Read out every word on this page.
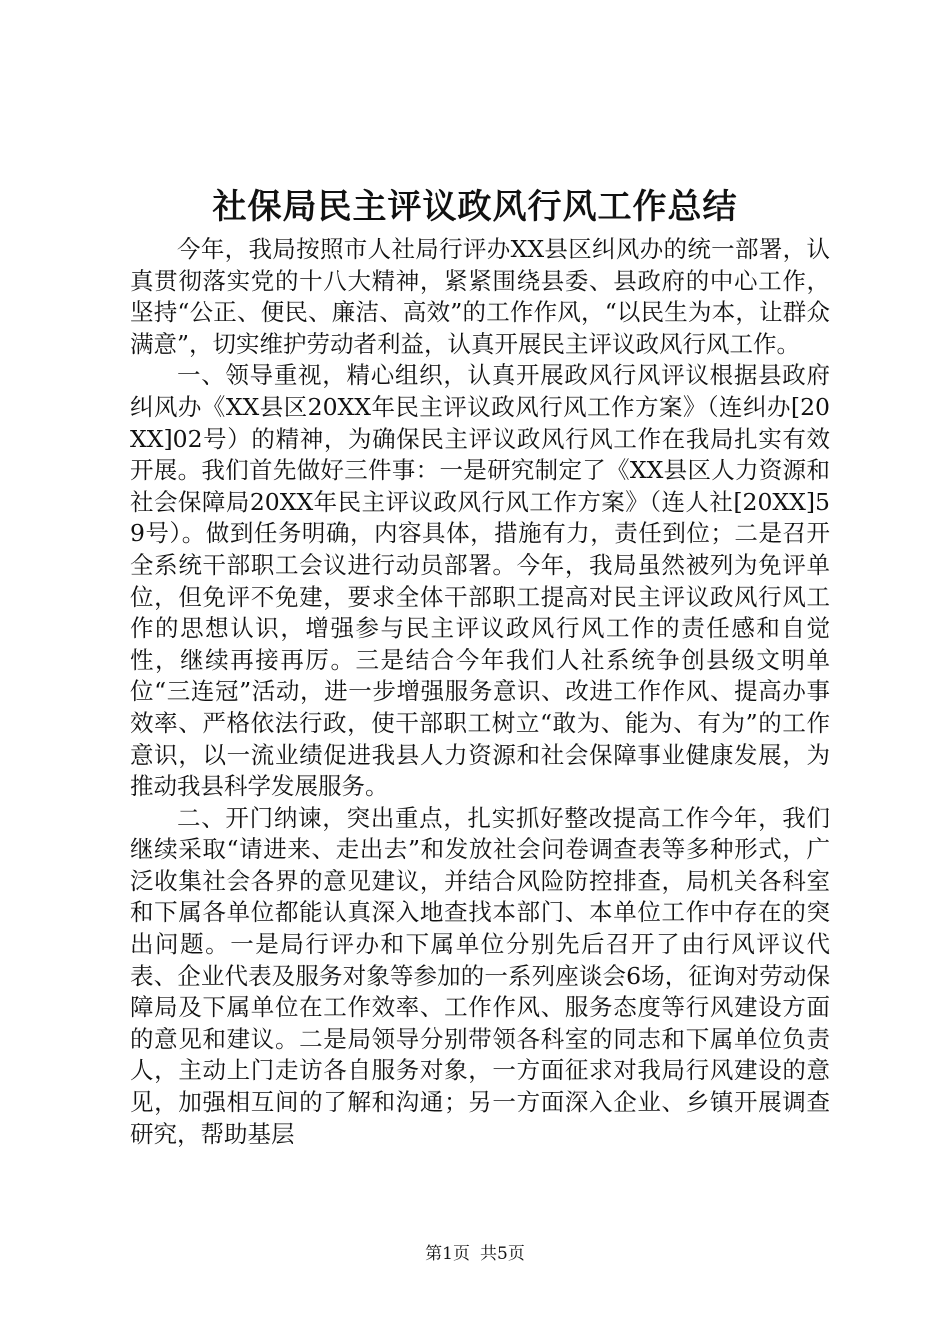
社保局民主评议政风行风工作总结

今年，我局按照市人社局行评办XX县区纠风办的统一部署，认真贯彻落实党的十八大精神，紧紧围绕县委、县政府的中心工作，坚持“公正、便民、廉洁、高效”的工作作风，“以民生为本，让群众满意”，切实维护劳动者利益，认真开展民主评议政风行风工作。

一、领导重视，精心组织，认真开展政风行风评议根据县政府纠风办《XX县区20XX年民主评议政风行风工作方案》（连纠办[20XX]02号）的精神，为确保民主评议政风行风工作在我局扎实有效开展。我们首先做好三件事：一是研究制定了《XX县区人力资源和社会保障局20XX年民主评议政风行风工作方案》（连人社[20XX]59号）。做到任务明确，内容具体，措施有力，责任到位；二是召开全系统干部职工会议进行动员部署。今年，我局虽然被列为免评单位，但免评不免建，要求全体干部职工提高对民主评议政风行风工作的思想认识，增强参与民主评议政风行风工作的责任感和自觉性，继续再接再厉。三是结合今年我们人社系统争创县级文明单位“三连冠”活动，进一步增强服务意识、改进工作作风、提高办事效率、严格依法行政，使干部职工树立“敢为、能为、有为”的工作意识，以一流业绩促进我县人力资源和社会保障事业健康发展，为推动我县科学发展服务。

二、开门纳谏，突出重点，扎实抓好整改提高工作今年，我们继续采取“请进来、走出去”和发放社会问卷调查表等多种形式，广泛收集社会各界的意见建议，并结合风险防控排查，局机关各科室和下属各单位都能认真深入地查找本部门、本单位工作中存在的突出问题。一是局行评办和下属单位分别先后召开了由行风评议代表、企业代表及服务对象等参加的一系列座谈会6场，征询对劳动保障局及下属单位在工作效率、工作作风、服务态度等行风建设方面的意见和建议。二是局领导分别带领各科室的同志和下属单位负责人，主动上门走访各自服务对象，一方面征求对我局行风建设的意见，加强相互间的了解和沟通；另一方面深入企业、乡镇开展调查研究，帮助基层

第1页 共5页
